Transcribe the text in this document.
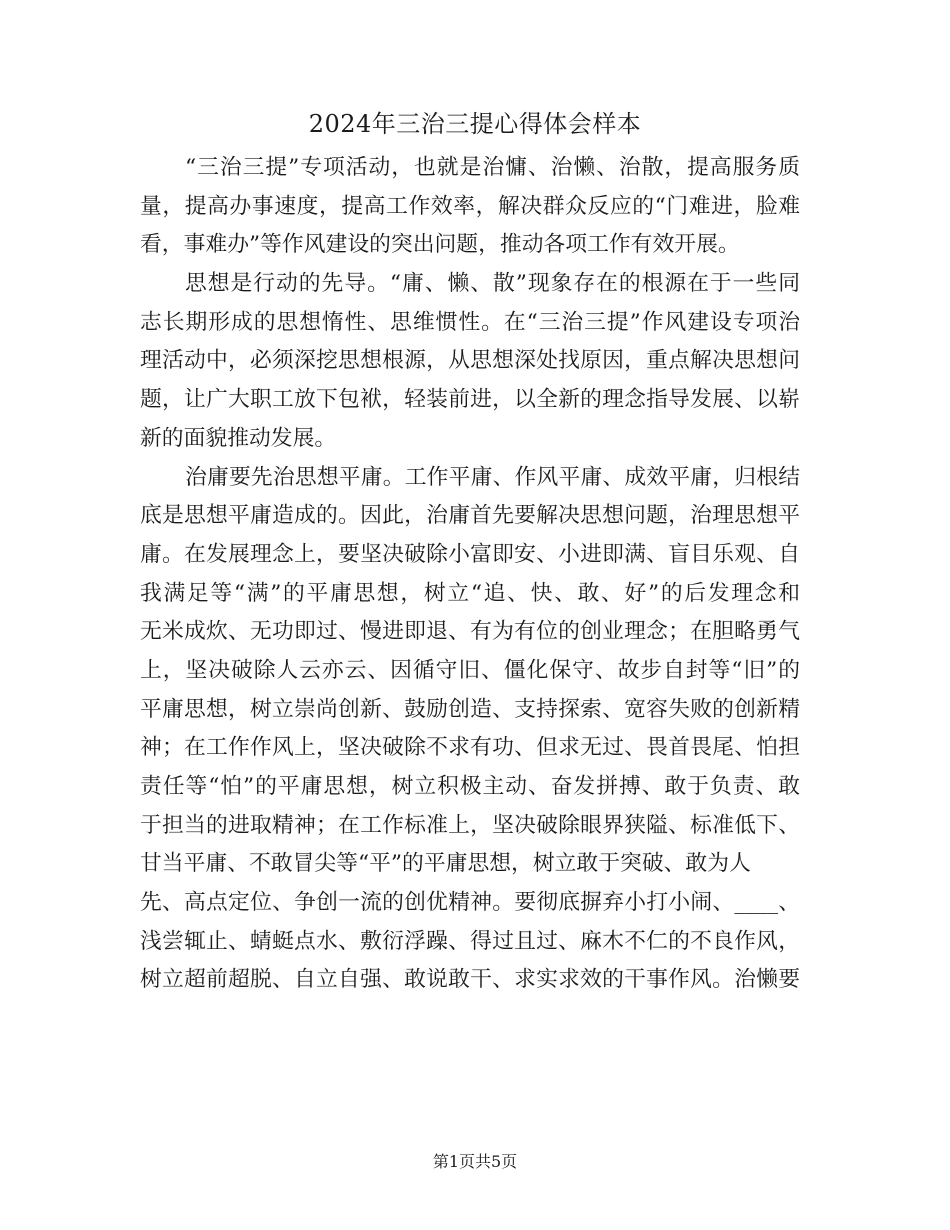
2024年三治三提心得体会样本
“三治三提”专项活动，也就是治慵、治懒、治散，提高服务质
量，提高办事速度，提高工作效率，解决群众反应的“门难进，脸难
看，事难办”等作风建设的突出问题，推动各项工作有效开展。
思想是行动的先导。“庸、懒、散”现象存在的根源在于一些同
志长期形成的思想惰性、思维惯性。在“三治三提”作风建设专项治
理活动中，必须深挖思想根源，从思想深处找原因，重点解决思想问
题，让广大职工放下包袱，轻装前进，以全新的理念指导发展、以崭
新的面貌推动发展。
治庸要先治思想平庸。工作平庸、作风平庸、成效平庸，归根结
底是思想平庸造成的。因此，治庸首先要解决思想问题，治理思想平
庸。在发展理念上，要坚决破除小富即安、小进即满、盲目乐观、自
我满足等“满”的平庸思想，树立“追、快、敢、好”的后发理念和
无米成炊、无功即过、慢进即退、有为有位的创业理念；在胆略勇气
上，坚决破除人云亦云、因循守旧、僵化保守、故步自封等“旧”的
平庸思想，树立崇尚创新、鼓励创造、支持探索、宽容失败的创新精
神；在工作作风上，坚决破除不求有功、但求无过、畏首畏尾、怕担
责任等“怕”的平庸思想，树立积极主动、奋发拼搏、敢于负责、敢
于担当的进取精神；在工作标准上，坚决破除眼界狭隘、标准低下、
甘当平庸、不敢冒尖等“平”的平庸思想，树立敢于突破、敢为人
先、高点定位、争创一流的创优精神。要彻底摒弃小打小闹、____、
浅尝辄止、蜻蜓点水、敷衍浮躁、得过且过、麻木不仁的不良作风，
树立超前超脱、自立自强、敢说敢干、求实求效的干事作风。治懒要
第1页共5页
